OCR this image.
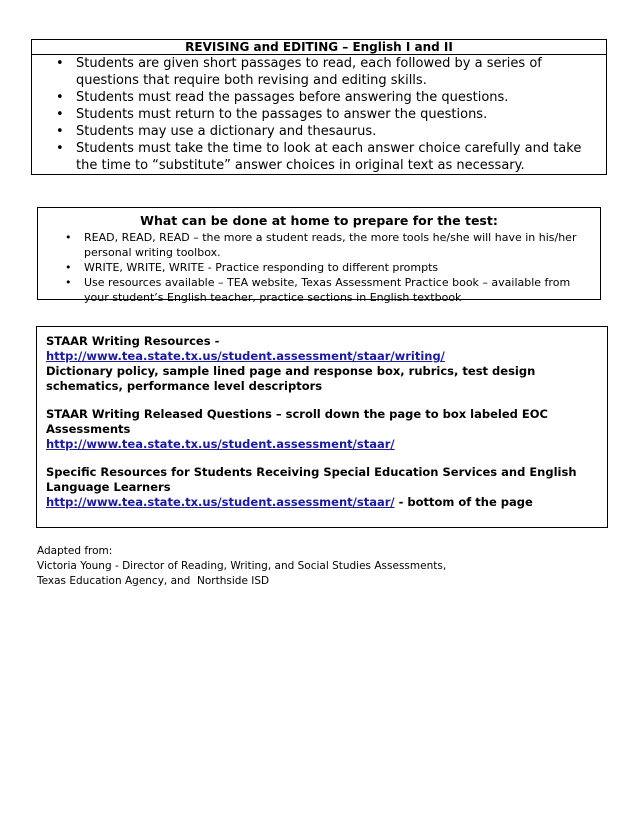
REVISING and EDITING – English I and II
• Students are given short passages to read, each followed by a series of questions that require both revising and editing skills.
• Students must read the passages before answering the questions.
• Students must return to the passages to answer the questions.
• Students may use a dictionary and thesaurus.
• Students must take the time to look at each answer choice carefully and take the time to “substitute” answer choices in original text as necessary.
What can be done at home to prepare for the test:
• READ, READ, READ – the more a student reads, the more tools he/she will have in his/her personal writing toolbox.
• WRITE, WRITE, WRITE - Practice responding to different prompts
• Use resources available – TEA website, Texas Assessment Practice book – available from your student’s English teacher, practice sections in English textbook
STAAR Writing Resources -
http://www.tea.state.tx.us/student.assessment/staar/writing/
Dictionary policy, sample lined page and response box, rubrics, test design schematics, performance level descriptors
STAAR Writing Released Questions – scroll down the page to box labeled EOC Assessments
http://www.tea.state.tx.us/student.assessment/staar/
Specific Resources for Students Receiving Special Education Services and English Language Learners
http://www.tea.state.tx.us/student.assessment/staar/ - bottom of the page
Adapted from:
Victoria Young - Director of Reading, Writing, and Social Studies Assessments,
Texas Education Agency, and  Northside ISD
